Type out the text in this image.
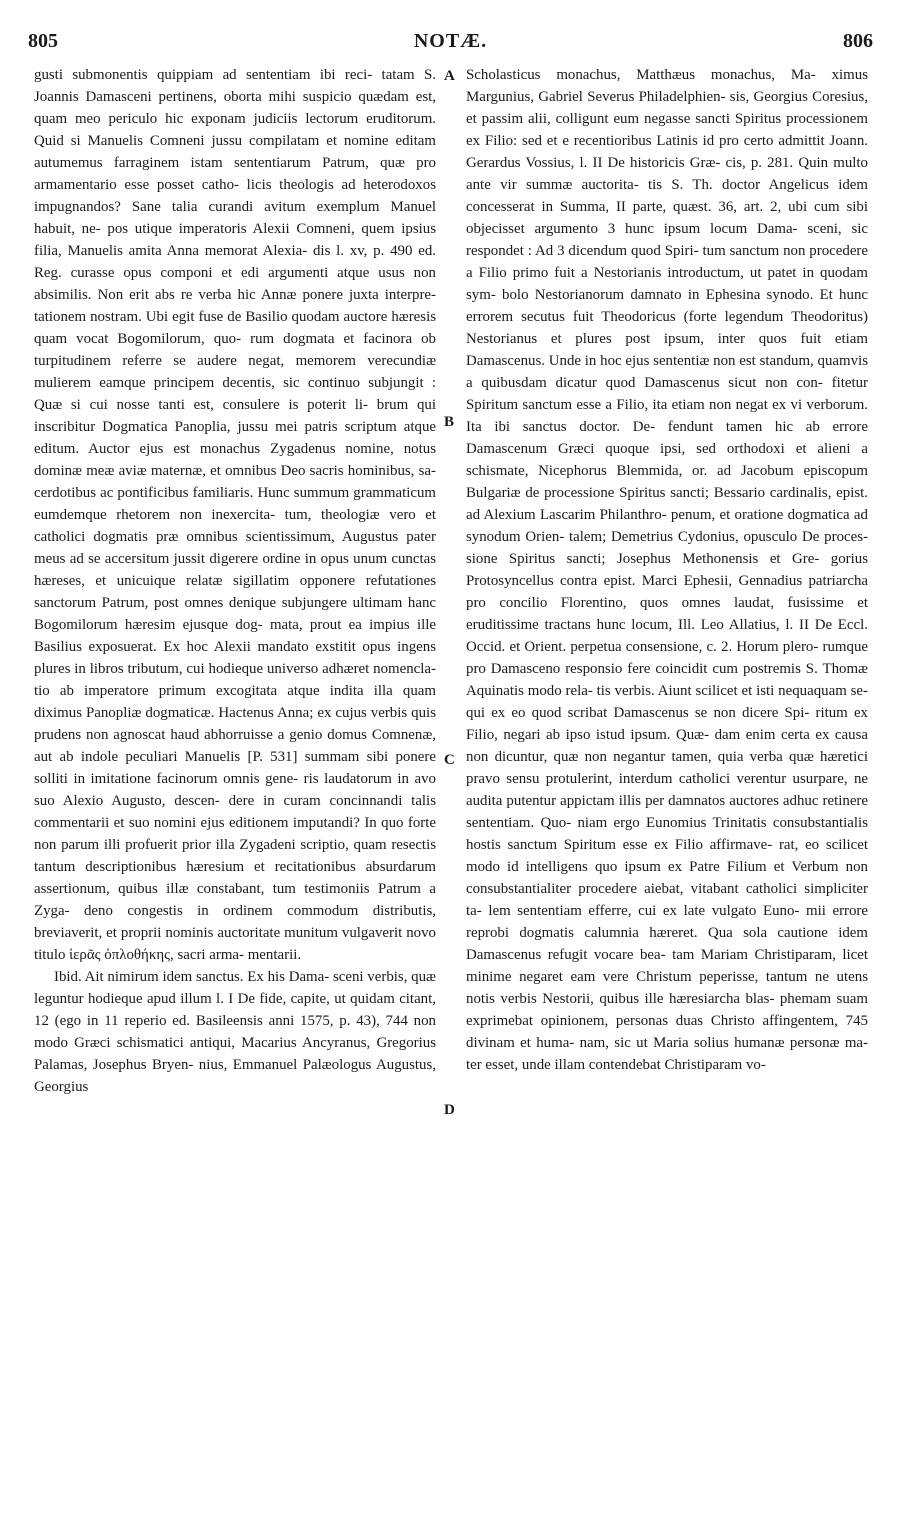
805	NOTÆ.	806

gusti submonentis quippiam ad sententiam ibi reci- tatam S. Joannis Damasceni pertinens, oborta mihi suspicio quædam est, quam meo periculo hic exponam judiciis lectorum eruditorum. Quid si Manuelis Comneni jussu compilatam et nomine editam autumemus farraginem istam sententiarum Patrum, quæ pro armamentario esse posset catho- licis theologis ad heterodoxos impugnandos? Sane talia curandi avitum exemplum Manuel habuit, ne- pos utique imperatoris Alexii Comneni, quem ipsius filia, Manuelis amita Anna memorat Alexia- dis l. xv, p. 490 ed. Reg. curasse opus componi et edi argumenti atque usus non absimilis. Non erit abs re verba hic Annæ ponere juxta interpre- tationem nostram. Ubi egit fuse de Basilio quodam auctore hæresis quam vocat Bogomilorum, quo- rum dogmata et facinora ob turpitudinem referre se audere negat, memorem verecundiæ mulierem eamque principem decentis, sic continuo subjungit : Quæ si cui nosse tanti est, consulere is poterit li- brum qui inscribitur Dogmatica Panoplia, jussu mei patris scriptum atque editum. Auctor ejus est monachus Zygadenus nomine, notus dominæ meæ aviæ maternæ, et omnibus Deo sacris hominibus, sa- cerdotibus ac pontificibus familiaris. Hunc summum grammaticum eumdemque rhetorem non inexercita- tum, theologiæ vero et catholici dogmatis præ omnibus scientissimum, Augustus pater meus ad se accersitum jussit digerere ordine in opus unum cunctas hæreses, et unicuique relatæ sigillatim opponere refutationes sanctorum Patrum, post omnes denique subjungere ultimam hanc Bogomilorum hæresim ejusque dog- mata, prout ea impius ille Basilius exposuerat. Ex hoc Alexii mandato exstitit opus ingens plures in libros tributum, cui hodieque universo adhæret nomencla- tio ab imperatore primum excogitata atque indita illa quam diximus Panopliæ dogmaticæ. Hactenus Anna; ex cujus verbis quis prudens non agnoscat haud abhorruisse a genio domus Comnenæ, aut ab indole peculiari Manuelis [P. 531] summam sibi ponere solliti in imitatione facinorum omnis gene- ris laudatorum in avo suo Alexio Augusto, descen- dere in curam concinnandi talis commentarii et suo nomini ejus editionem imputandi? In quo forte non parum illi profuerit prior illa Zygadeni scriptio, quam resectis tantum descriptionibus hæresium et recitationibus absurdarum assertionum, quibus illæ constabant, tum testimoniis Patrum a Zyga- deno congestis in ordinem commodum distributis, breviaverit, et proprii nominis auctoritate munitum vulgaverit novo titulo ἱερᾶς ὁπλοθήκης, sacri arma- mentarii.

Ibid. Ait nimirum idem sanctus. Ex his Dama- sceni verbis, quæ leguntur hodieque apud illum l. I De fide, capite, ut quidam citant, 12 (ego in 11 reperio ed. Basileensis anni 1575, p. 43), 744 non modo Græci schismatici antiqui, Macarius Ancyranus, Gregorius Palamas, Josephus Bryen- nius, Emmanuel Palæologus Augustus, Georgius

A
B
C
D

Scholasticus monachus, Matthæus monachus, Ma- ximus Margunius, Gabriel Severus Philadelphien- sis, Georgius Coresius, et passim alii, colligunt eum negasse sancti Spiritus processionem ex Filio: sed et e recentioribus Latinis id pro certo admittit Joann. Gerardus Vossius, l. II De historicis Græ- cis, p. 281. Quin multo ante vir summæ auctorita- tis S. Th. doctor Angelicus idem concesserat in Summa, II parte, quæst. 36, art. 2, ubi cum sibi objecisset argumento 3 hunc ipsum locum Dama- sceni, sic respondet : Ad 3 dicendum quod Spiri- tum sanctum non procedere a Filio primo fuit a Nestorianis introductum, ut patet in quodam sym- bolo Nestorianorum damnato in Ephesina synodo. Et hunc errorem secutus fuit Theodoricus (forte legendum Theodoritus) Nestorianus et plures post ipsum, inter quos fuit etiam Damascenus. Unde in hoc ejus sententiæ non est standum, quamvis a quibusdam dicatur quod Damascenus sicut non con- fitetur Spiritum sanctum esse a Filio, ita etiam non negat ex vi verborum. Ita ibi sanctus doctor. De- fendunt tamen hic ab errore Damascenum Græci quoque ipsi, sed orthodoxi et alieni a schismate, Nicephorus Blemmida, or. ad Jacobum episcopum Bulgariæ de processione Spiritus sancti; Bessario cardinalis, epist. ad Alexium Lascarim Philanthro- penum, et oratione dogmatica ad synodum Orien- talem; Demetrius Cydonius, opusculo De proces- sione Spiritus sancti; Josephus Methonensis et Gre- gorius Protosyncellus contra epist. Marci Ephesii, Gennadius patriarcha pro concilio Florentino, quos omnes laudat, fusissime et eruditissime tractans hunc locum, Ill. Leo Allatius, l. II De Eccl. Occid. et Orient. perpetua consensione, c. 2. Horum plero- rumque pro Damasceno responsio fere coincidit cum postremis S. Thomæ Aquinatis modo rela- tis verbis. Aiunt scilicet et isti nequaquam se- qui ex eo quod scribat Damascenus se non dicere Spi- ritum ex Filio, negari ab ipso istud ipsum. Quæ- dam enim certa ex causa non dicuntur, quæ non negantur tamen, quia verba quæ hæretici pravo sensu protulerint, interdum catholici verentur usurpare, ne audita putentur appictam illis per damnatos auctores adhuc retinere sententiam. Quo- niam ergo Eunomius Trinitatis consubstantialis hostis sanctum Spiritum esse ex Filio affirmave- rat, eo scilicet modo id intelligens quo ipsum ex Patre Filium et Verbum non consubstantialiter procedere aiebat, vitabant catholici simpliciter ta- lem sententiam efferre, cui ex late vulgato Euno- mii errore reprobi dogmatis calumnia hæreret. Qua sola cautione idem Damascenus refugit vocare bea- tam Mariam Christiparam, licet minime negaret eam vere Christum peperisse, tantum ne utens notis verbis Nestorii, quibus ille hæresiarcha blas- phemam suam exprimebat opinionem, personas duas Christo affingentem, 745 divinam et huma- nam, sic ut Maria solius humanæ personæ ma- ter esset, unde illam contendebat Christiparam vo-
